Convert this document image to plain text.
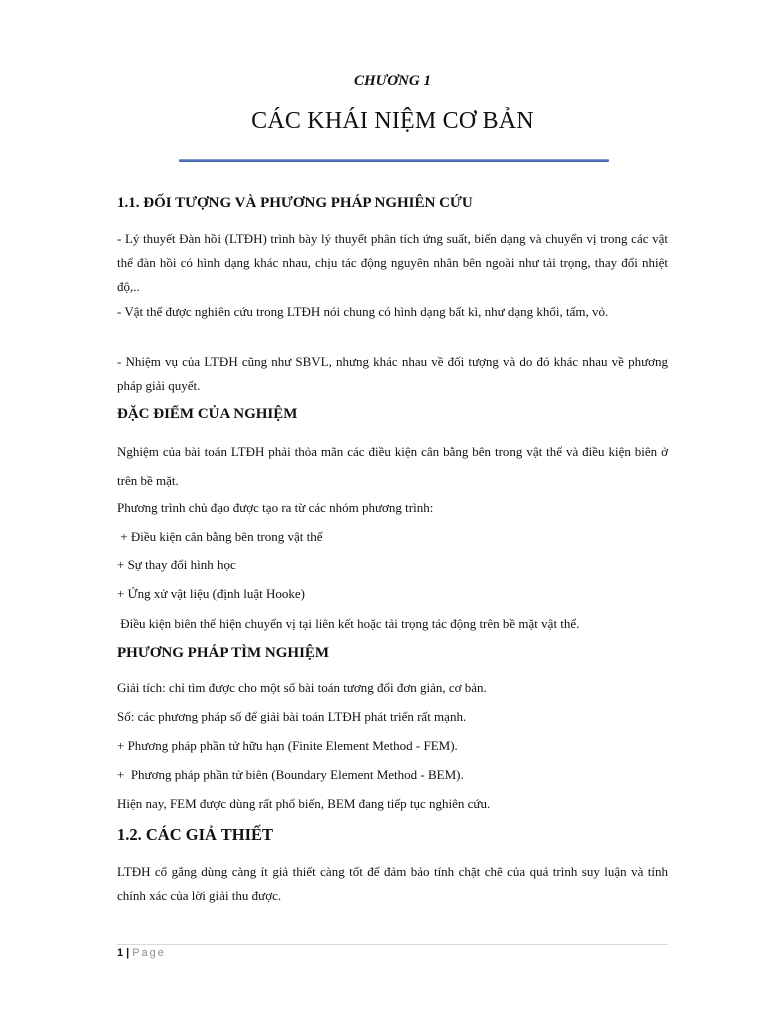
CHƯƠNG 1
CÁC KHÁI NIỆM CƠ BẢN
1.1. ĐỐI TƯỢNG VÀ PHƯƠNG PHÁP NGHIÊN CỨU
- Lý thuyết Đàn hồi (LTĐH) trình bày lý thuyết phân tích ứng suất, biến dạng và chuyển vị trong các vật thể đàn hồi có hình dạng khác nhau, chịu tác động nguyên nhân bên ngoài như tải trọng, thay đổi nhiệt độ,..
- Vật thể được nghiên cứu trong LTĐH nói chung có hình dạng bất kì, như dạng khối, tấm, vỏ.
- Nhiệm vụ của LTĐH cũng như SBVL, nhưng khác nhau về đối tượng và do đó khác nhau về phương pháp giải quyết.
ĐẶC ĐIỂM CỦA NGHIỆM
Nghiệm của bài toán LTĐH phải thỏa mãn các điều kiện cân bằng bên trong vật thể và điều kiện biên ở trên bề mặt.
Phương trình chủ đạo được tạo ra từ các nhóm phương trình:
+ Điều kiện cân bằng bên trong vật thể
+ Sự thay đổi hình học
+ Ứng xử vật liệu (định luật Hooke)
Điều kiện biên thể hiện chuyển vị tại liên kết hoặc tải trọng tác động trên bề mặt vật thể.
PHƯƠNG PHÁP TÌM NGHIỆM
Giải tích: chỉ tìm được cho một số bài toán tương đối đơn giản, cơ bản.
Số: các phương pháp số để giải bài toán LTĐH phát triển rất mạnh.
+ Phương pháp phần tử hữu hạn (Finite Element Method - FEM).
+  Phương pháp phần tử biên (Boundary Element Method - BEM).
Hiện nay, FEM được dùng rất phổ biến, BEM đang tiếp tục nghiên cứu.
1.2. CÁC GIẢ THIẾT
LTĐH cố gắng dùng càng ít giả thiết càng tốt để đảm bảo tính chặt chẽ của quá trình suy luận và tính chính xác của lời giải thu được.
1 | Page
